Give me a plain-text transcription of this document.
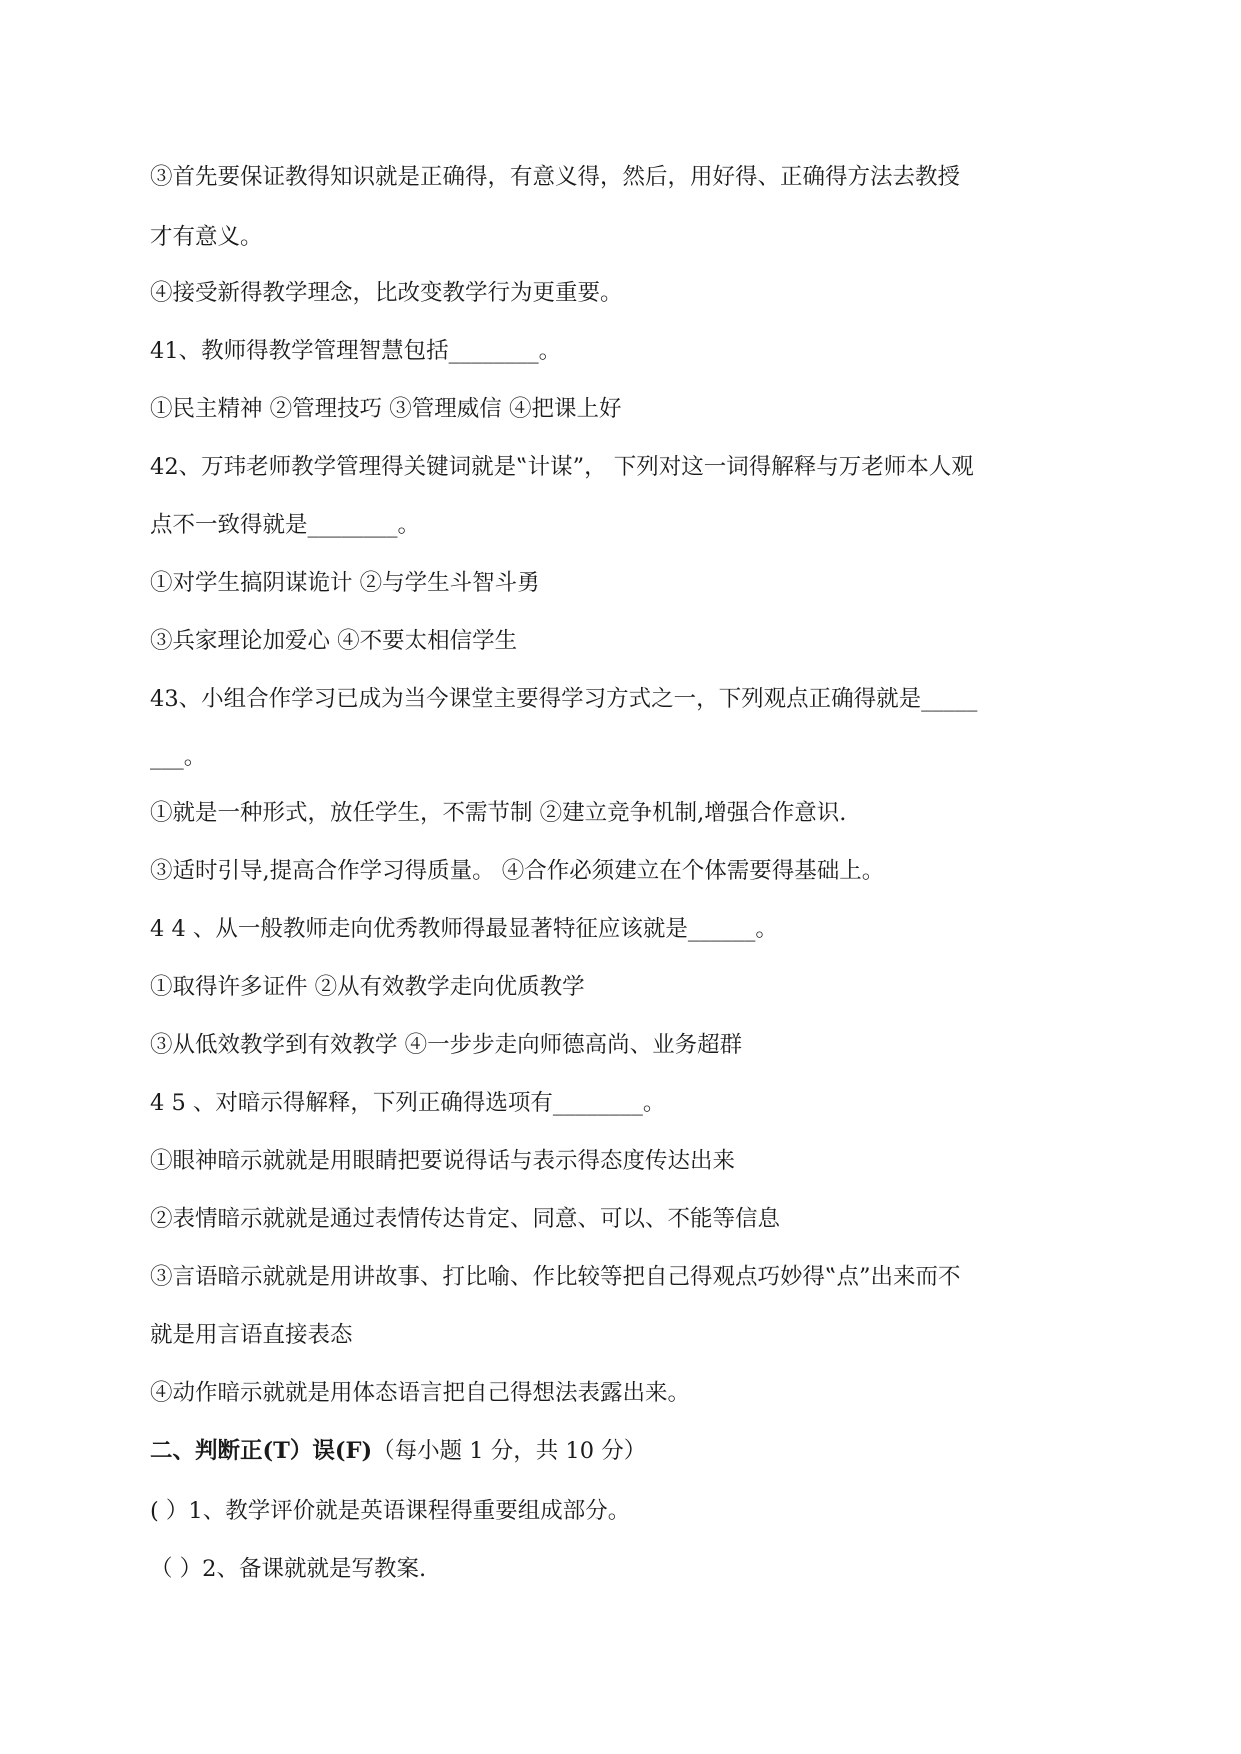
③首先要保证教得知识就是正确得，有意义得，然后，用好得、正确得方法去教授
才有意义。
④接受新得教学理念，比改变教学行为更重要。
41、教师得教学管理智慧包括________。
①民主精神 ②管理技巧 ③管理威信 ④把课上好
42、万玮老师教学管理得关键词就是‟计谋”， 下列对这一词得解释与万老师本人观
点不一致得就是________。
①对学生搞阴谋诡计 ②与学生斗智斗勇
③兵家理论加爱心 ④不要太相信学生
43、小组合作学习已成为当今课堂主要得学习方式之一，下列观点正确得就是_____
___。
①就是一种形式，放任学生，不需节制 ②建立竞争机制,增强合作意识.
③适时引导,提高合作学习得质量。 ④合作必须建立在个体需要得基础上。
4 4 、从一般教师走向优秀教师得最显著特征应该就是______。
①取得许多证件 ②从有效教学走向优质教学
③从低效教学到有效教学 ④一步步走向师德高尚、业务超群
4 5 、对暗示得解释，下列正确得选项有________。
①眼神暗示就就是用眼睛把要说得话与表示得态度传达出来
②表情暗示就就是通过表情传达肯定、同意、可以、不能等信息
③言语暗示就就是用讲故事、打比喻、作比较等把自己得观点巧妙得‟点”出来而不
就是用言语直接表态
④动作暗示就就是用体态语言把自己得想法表露出来。
二、判断正(T）误(F)（每小题 1 分，共 10 分）
( ）1、教学评价就是英语课程得重要组成部分。
（ ）2、备课就就是写教案.
